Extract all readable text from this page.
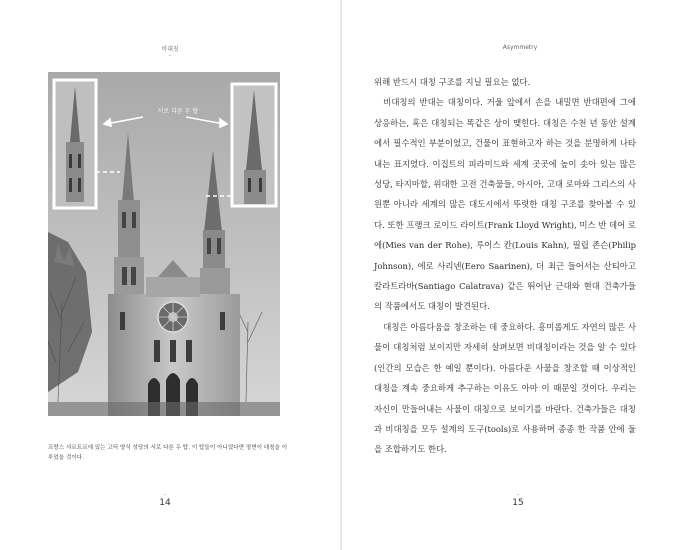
비대칭
–
서로 다른 두 탑
프랑스 샤르트르에 있는 고딕 양식 성당의 서로 다른 두 탑. 이 탑들이 아니었다면 정면이 대칭을 이루었을 것이다.
–
14
Asymmetry
–
–
15

위해 반드시 대칭 구조를 지닐 필요는 없다.

비대칭의 반대는 대칭이다. 거울 앞에서 손을 내밀면 반대편에 그에 상응하는, 혹은 대칭되는 똑같은 상이 맺힌다. 대칭은 수천 년 동안 설계에서 필수적인 부분이었고, 건물이 표현하고자 하는 것을 분명하게 나타내는 표지였다. 이집트의 피라미드와 세계 곳곳에 높이 솟아 있는 많은 성당, 타지마할, 위대한 고전 건축물들, 아시아, 고대 로마와 그리스의 사원뿐 아니라 세계의 많은 대도시에서 뚜렷한 대칭 구조를 찾아볼 수 있다. 또한 프랭크 로이드 라이트(Frank Lloyd Wright), 미스 반 데어 로에(Mies van der Rohe), 루이스 칸(Louis Kahn), 필립 존슨(Philip Johnson), 에로 사리넨(Eero Saarinen), 더 최근 들어서는 산티아고 칼라트라바(Santiago Calatrava) 같은 뛰어난 근대와 현대 건축가들의 작품에서도 대칭이 발견된다.

대칭은 아름다움을 창조하는 데 중요하다. 흥미롭게도 자연의 많은 사물이 대칭처럼 보이지만 자세히 살펴보면 비대칭이라는 것을 알 수 있다(인간의 모습은 한 예일 뿐이다). 아름다운 사물을 창조할 때 이상적인 대칭을 계속 중요하게 추구하는 이유도 아마 이 때문일 것이다. 우리는 자신이 만들어내는 사물이 대칭으로 보이기를 바란다. 건축가들은 대칭과 비대칭을 모두 설계의 도구(tools)로 사용하며 종종 한 작품 안에 둘을 조합하기도 한다.
